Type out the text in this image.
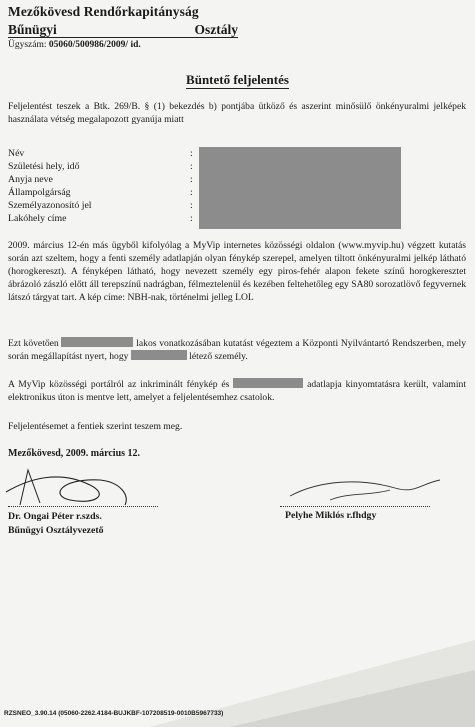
Mezőkövesd Rendőrkapitányság
Bűnügyi	Osztály
Ügyszám: 05060/500986/2009/ id.
Büntető feljelentés
Feljelentést teszek a Btk. 269/B. § (1) bekezdés b) pontjába ütköző és aszerint minősülő önkényuralmi jelképek használata vétség megalapozott gyanúja miatt
Név	:
Születési hely, idő	:
Anyja neve	:
Állampolgárság	:
Személyazonosító jel	:
Lakóhely címe	:
2009. március 12-én más ügyből kifolyólag a MyVip internetes közösségi oldalon (www.myvip.hu) végzett kutatás során azt szeltem, hogy a fenti személy adatlapján olyan fénykép szerepel, amelyen tiltott önkényuralmi jelkép látható (horogkereszt). A fényképen látható, hogy nevezett személy egy piros-fehér alapon fekete színű horogkeresztet ábrázoló zászló előtt áll terepszínű nadrágban, félmeztelenül és kezében feltehetőleg egy SA80 sorozatlövő fegyvernek látszó tárgyat tart. A kép címe: NBH-nak, történelmi jelleg LOL
Ezt követően	lakos vonatkozásában kutatást végeztem a Központi Nyilvántartó Rendszerben, mely során megállapítást nyert, hogy	létező személy.
A MyVip közösségi portálról az inkriminált fénykép és	adatlapja kinyomtatásra került, valamint elektronikus úton is mentve lett, amelyet a feljelentésemhez csatolok.
Feljelentésemet a fentiek szerint teszem meg.
Mezőkövesd, 2009. március 12.
Dr. Ongai Péter r.szds.
Bűnügyi Osztályvezető
Pelyhe Miklós r.fhdgy
RZSNEO_3.90.14 (05060-2262.4184-BUJKBF-107208519-0010B5967733)
